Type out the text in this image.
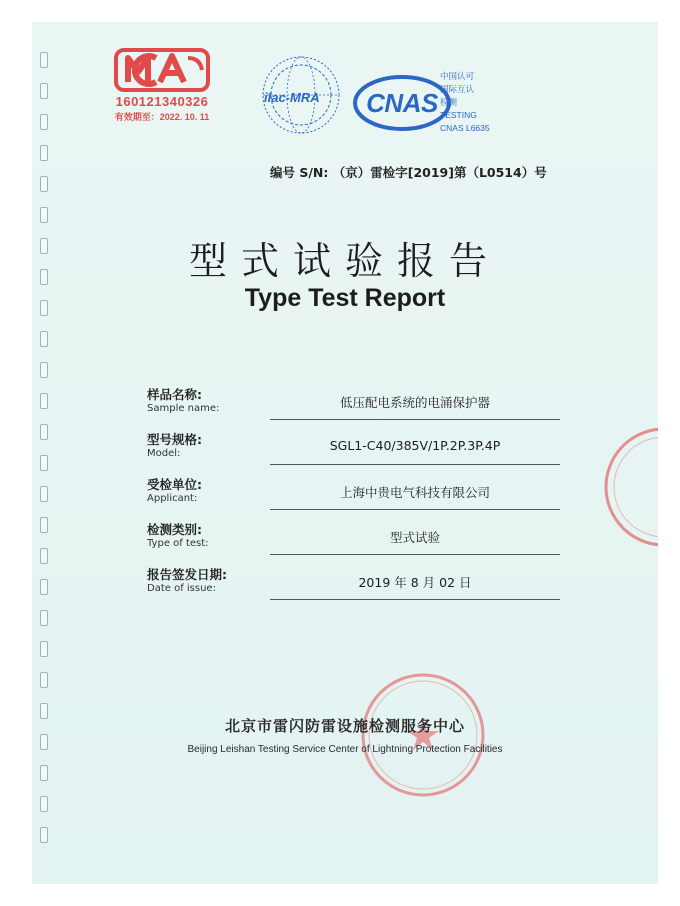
160121340326
有效期至：2022. 10. 11
ilac-MRA	CNAS
中国认可
国际互认
检测
TESTING
CNAS L6635
编号 S/N: （京）雷检字[2019]第（L0514）号
型式试验报告
Type Test Report
样品名称:
Sample name:	低压配电系统的电涌保护器
型号规格:
Model:
SGL1-C40/385V/1P.2P.3P.4P
受检单位:
Applicant:	上海中贵电气科技有限公司
检测类别:
Type of test:	型式试验
报告签发日期:
Date of issue:	2019 年 8 月 02 日
北京市雷闪防雷设施检测服务中心
Beijing Leishan Testing Service Center of Lightning Protection Facilities
